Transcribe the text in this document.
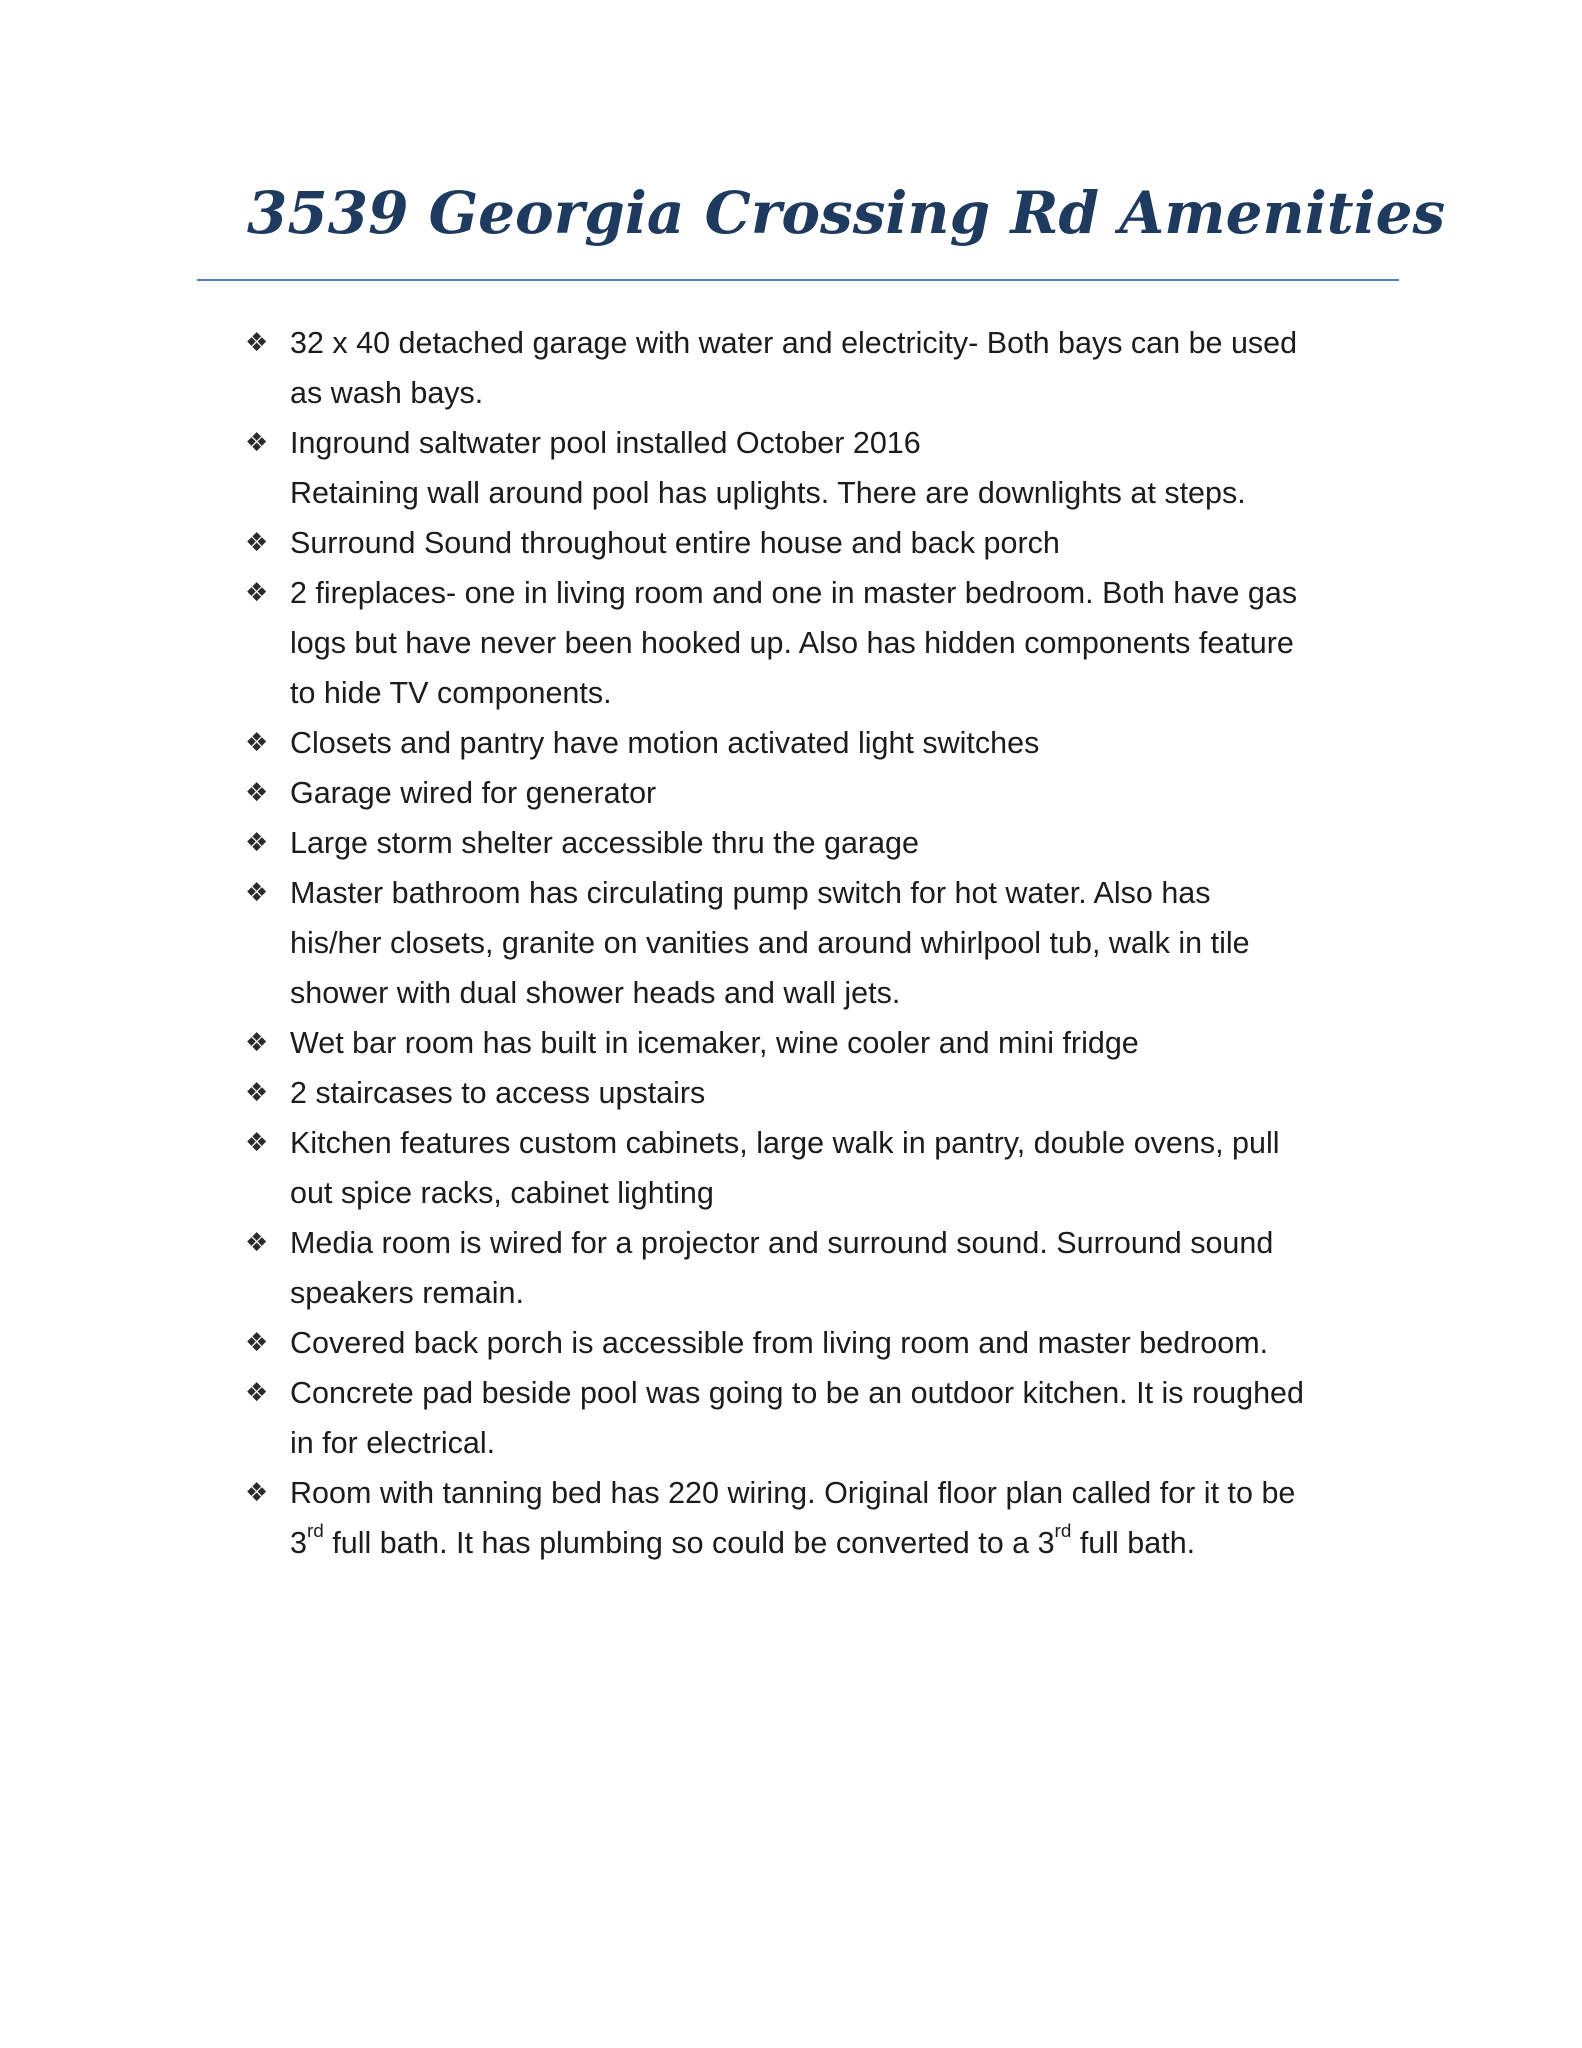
3539 Georgia Crossing Rd Amenities
❖ 32 x 40 detached garage with water and electricity- Both bays can be used
as wash bays.
❖ Inground saltwater pool installed October 2016
Retaining wall around pool has uplights. There are downlights at steps.
❖ Surround Sound throughout entire house and back porch
❖ 2 fireplaces- one in living room and one in master bedroom. Both have gas
logs but have never been hooked up. Also has hidden components feature
to hide TV components.
❖ Closets and pantry have motion activated light switches
❖ Garage wired for generator
❖ Large storm shelter accessible thru the garage
❖ Master bathroom has circulating pump switch for hot water. Also has
his/her closets, granite on vanities and around whirlpool tub, walk in tile
shower with dual shower heads and wall jets.
❖ Wet bar room has built in icemaker, wine cooler and mini fridge
❖ 2 staircases to access upstairs
❖ Kitchen features custom cabinets, large walk in pantry, double ovens, pull
out spice racks, cabinet lighting
❖ Media room is wired for a projector and surround sound. Surround sound
speakers remain.
❖ Covered back porch is accessible from living room and master bedroom.
❖ Concrete pad beside pool was going to be an outdoor kitchen. It is roughed
in for electrical.
❖ Room with tanning bed has 220 wiring. Original floor plan called for it to be
3rd full bath. It has plumbing so could be converted to a 3rd full bath.
